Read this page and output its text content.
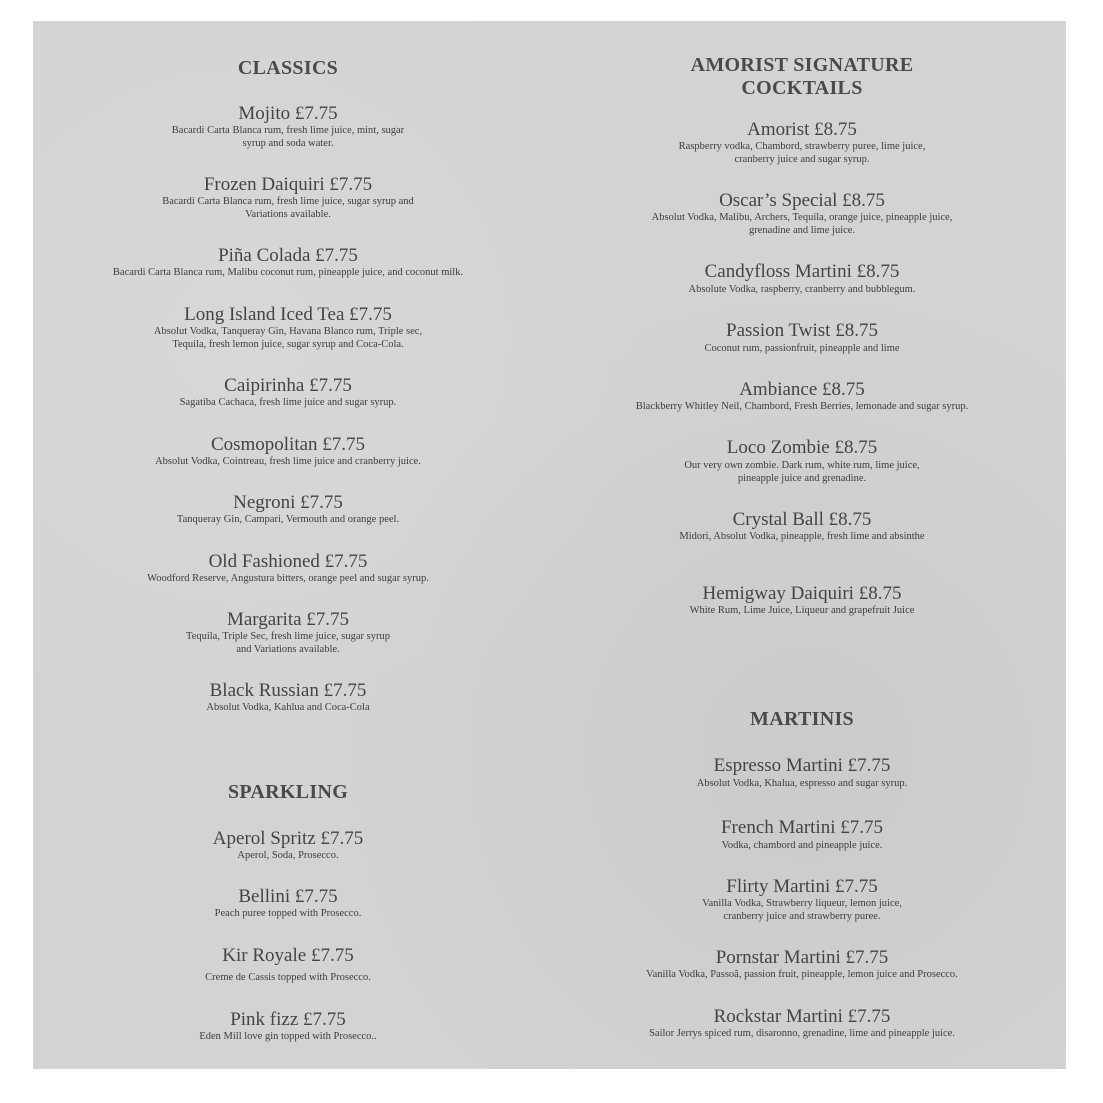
CLASSICS
Mojito £7.75
Bacardi Carta Blanca rum, fresh lime juice, mint, sugar
syrup and soda water.
Frozen Daiquiri £7.75
Bacardi Carta Blanca rum, fresh lime juice, sugar syrup and
Variations available.
Piña Colada £7.75
Bacardi Carta Blanca rum, Malibu coconut rum, pineapple juice, and coconut milk.
Long Island Iced Tea £7.75
Absolut Vodka, Tanqueray Gin, Havana Blanco rum, Triple sec,
Tequila, fresh lemon juice, sugar syrup and Coca-Cola.
Caipirinha £7.75
Sagatiba Cachaca, fresh lime juice and sugar syrup.
Cosmopolitan £7.75
Absolut Vodka, Cointreau, fresh lime juice and cranberry juice.
Negroni £7.75
Tanqueray Gin, Campari, Vermouth and orange peel.
Old Fashioned £7.75
Woodford Reserve, Angustura bitters, orange peel and sugar syrup.
Margarita £7.75
Tequila, Triple Sec, fresh lime juice, sugar syrup
and Variations available.
Black Russian £7.75
Absolut Vodka, Kahlua and Coca-Cola
SPARKLING
Aperol Spritz £7.75
Aperol, Soda, Prosecco.
Bellini £7.75
Peach puree topped with Prosecco.
Kir Royale £7.75
Creme de Cassis topped with Prosecco.
Pink fizz £7.75
Eden Mill love gin topped with Prosecco..
AMORIST SIGNATURE
COCKTAILS
Amorist £8.75
Raspberry vodka, Chambord, strawberry puree, lime juice,
cranberry juice and sugar syrup.
Oscar’s Special £8.75
Absolut Vodka, Malibu, Archers, Tequila, orange juice, pineapple juice,
grenadine and lime juice.
Candyfloss Martini £8.75
Absolute Vodka, raspberry, cranberry and bubblegum.
Passion Twist £8.75
Coconut rum, passionfruit, pineapple and lime
Ambiance £8.75
Blackberry Whitley Neil, Chambord, Fresh Berries, lemonade and sugar syrup.
Loco Zombie £8.75
Our very own zombie. Dark rum, white rum, lime juice,
pineapple juice and grenadine.
Crystal Ball £8.75
Midori, Absolut Vodka, pineapple, fresh lime and absinthe
Hemigway Daiquiri £8.75
White Rum, Lime Juice, Liqueur and grapefruit Juice
MARTINIS
Espresso Martini £7.75
Absolut Vodka, Khalua, espresso and sugar syrup.
French Martini £7.75
Vodka, chambord and pineapple juice.
Flirty Martini £7.75
Vanilla Vodka, Strawberry liqueur, lemon juice,
cranberry juice and strawberry puree.
Pornstar Martini £7.75
Vanilla Vodka, Passoã, passion fruit, pineapple, lemon juice and Prosecco.
Rockstar Martini £7.75
Sailor Jerrys spiced rum, disaronno, grenadine, lime and pineapple juice.
